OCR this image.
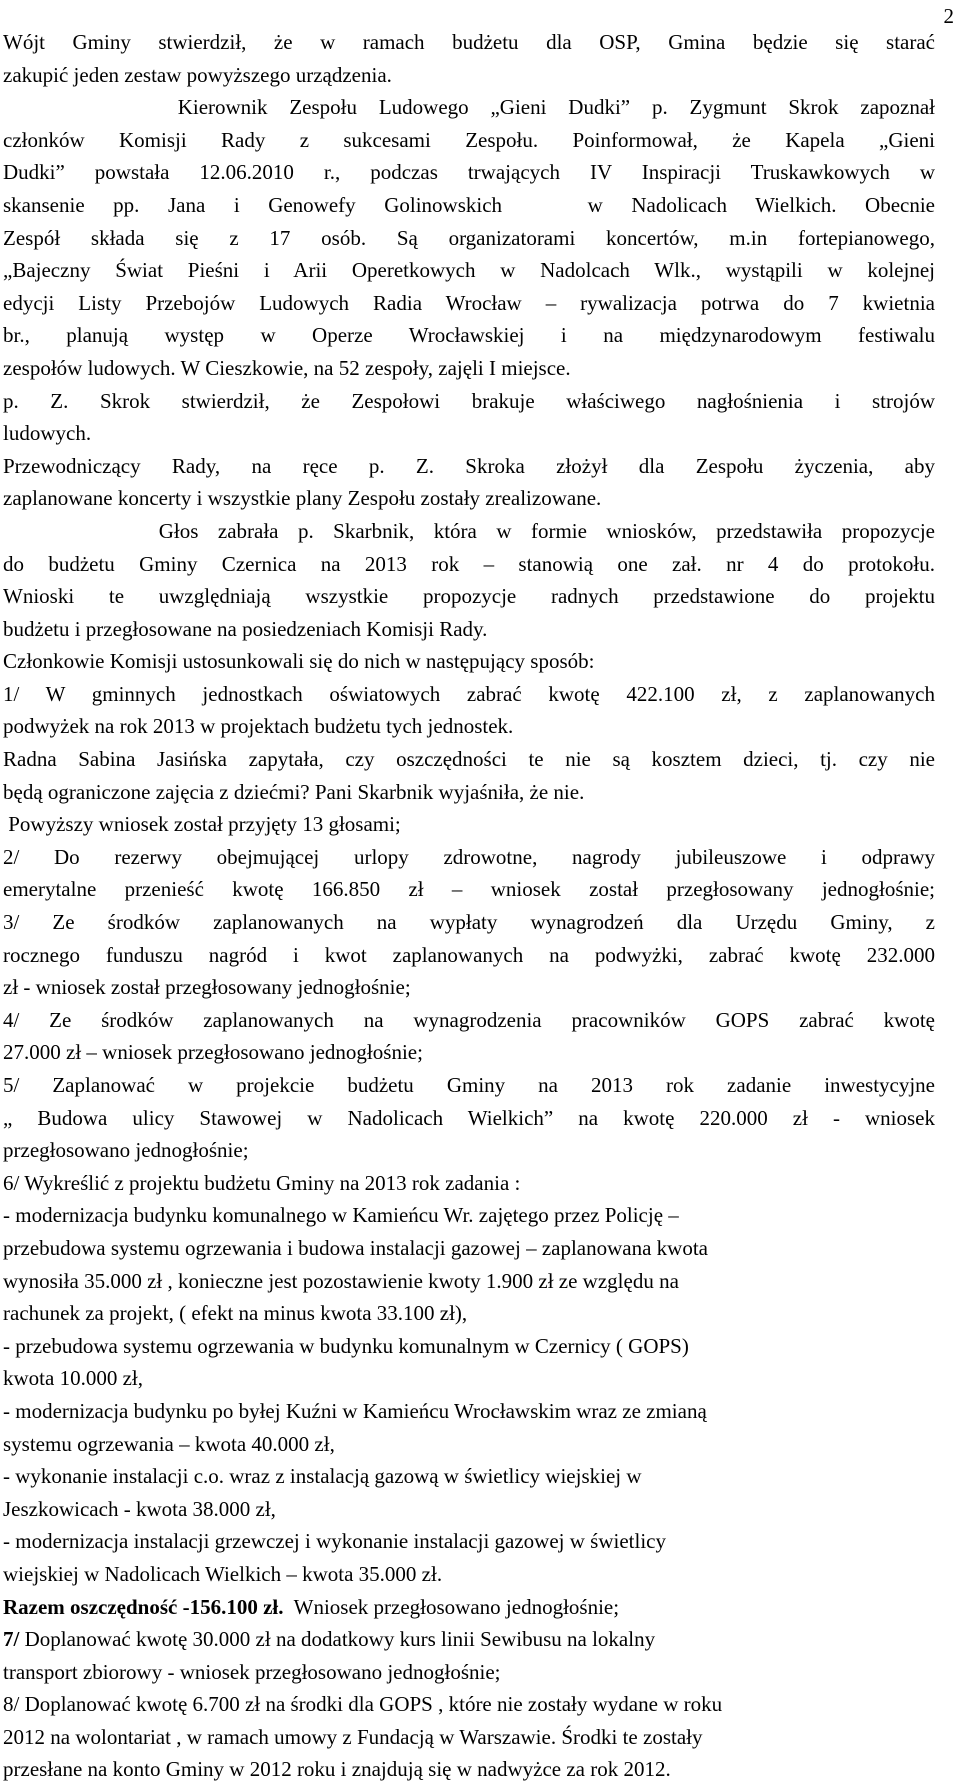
2
Wójt Gminy stwierdził, że w ramach budżetu dla OSP, Gmina będzie się starać
zakupić jeden zestaw powyższego urządzenia.
Kierownik Zespołu Ludowego „Gieni Dudki” p. Zygmunt Skrok zapoznał
członków Komisji Rady z sukcesami Zespołu. Poinformował, że Kapela „Gieni
Dudki” powstała 12.06.2010 r., podczas trwających IV Inspiracji Truskawkowych w
skansenie pp. Jana i Genowefy Golinowskich   w Nadolicach Wielkich. Obecnie
Zespół składa się z 17 osób. Są organizatorami koncertów, m.in fortepianowego,
„Bajeczny Świat Pieśni i Arii Operetkowych w Nadolcach Wlk., wystąpili w kolejnej
edycji Listy Przebojów Ludowych Radia Wrocław – rywalizacja potrwa do 7 kwietnia
br., planują występ w Operze Wrocławskiej i na międzynarodowym festiwalu
zespołów ludowych. W Cieszkowie, na 52 zespoły, zajęli I miejsce.
p. Z. Skrok stwierdził, że Zespołowi brakuje właściwego nagłośnienia i strojów
ludowych.
Przewodniczący Rady, na ręce p. Z. Skroka złożył dla Zespołu życzenia, aby
zaplanowane koncerty i wszystkie plany Zespołu zostały zrealizowane.
Głos zabrała p. Skarbnik, która w formie wniosków, przedstawiła propozycje
do budżetu Gminy Czernica na 2013 rok – stanowią one zał. nr 4 do protokołu.
Wnioski te uwzględniają wszystkie propozycje radnych przedstawione do projektu
budżetu i przegłosowane na posiedzeniach Komisji Rady.
Członkowie Komisji ustosunkowali się do nich w następujący sposób:
1/ W gminnych jednostkach oświatowych zabrać kwotę 422.100 zł, z zaplanowanych
podwyżek na rok 2013 w projektach budżetu tych jednostek.
Radna Sabina Jasińska zapytała, czy oszczędności te nie są kosztem dzieci, tj. czy nie
będą ograniczone zajęcia z dziećmi? Pani Skarbnik wyjaśniła, że nie.
Powyższy wniosek został przyjęty 13 głosami;
2/ Do rezerwy obejmującej urlopy zdrowotne, nagrody jubileuszowe i odprawy
emerytalne przenieść kwotę 166.850 zł – wniosek został przegłosowany jednogłośnie;
3/ Ze środków zaplanowanych na wypłaty wynagrodzeń dla Urzędu Gminy, z
rocznego funduszu nagród i kwot zaplanowanych na podwyżki, zabrać kwotę 232.000
zł - wniosek został przegłosowany jednogłośnie;
4/ Ze środków zaplanowanych na wynagrodzenia pracowników GOPS zabrać kwotę
27.000 zł – wniosek przegłosowano jednogłośnie;
5/ Zaplanować w projekcie budżetu Gminy na 2013 rok zadanie inwestycyjne
„ Budowa ulicy Stawowej w Nadolicach Wielkich” na kwotę 220.000 zł - wniosek
przegłosowano jednogłośnie;
6/ Wykreślić z projektu budżetu Gminy na 2013 rok zadania :
- modernizacja budynku komunalnego w Kamieńcu Wr. zajętego przez Policję –
przebudowa systemu ogrzewania i budowa instalacji gazowej – zaplanowana kwota
wynosiła 35.000 zł , konieczne jest pozostawienie kwoty 1.900 zł ze względu na
rachunek za projekt, ( efekt na minus kwota 33.100 zł),
- przebudowa systemu ogrzewania w budynku komunalnym w Czernicy ( GOPS)
kwota 10.000 zł,
- modernizacja budynku po byłej Kuźni w Kamieńcu Wrocławskim wraz ze zmianą
systemu ogrzewania – kwota 40.000 zł,
- wykonanie instalacji c.o. wraz z instalacją gazową w świetlicy wiejskiej w
Jeszkowicach - kwota 38.000 zł,
- modernizacja instalacji grzewczej i wykonanie instalacji gazowej w świetlicy
wiejskiej w Nadolicach Wielkich – kwota 35.000 zł.
Razem oszczędność -156.100 zł.  Wniosek przegłosowano jednogłośnie;
7/ Doplanować kwotę 30.000 zł na dodatkowy kurs linii Sewibusu na lokalny
transport zbiorowy - wniosek przegłosowano jednogłośnie;
8/ Doplanować kwotę 6.700 zł na środki dla GOPS , które nie zostały wydane w roku
2012 na wolontariat , w ramach umowy z Fundacją w Warszawie. Środki te zostały
przesłane na konto Gminy w 2012 roku i znajdują się w nadwyżce za rok 2012.
